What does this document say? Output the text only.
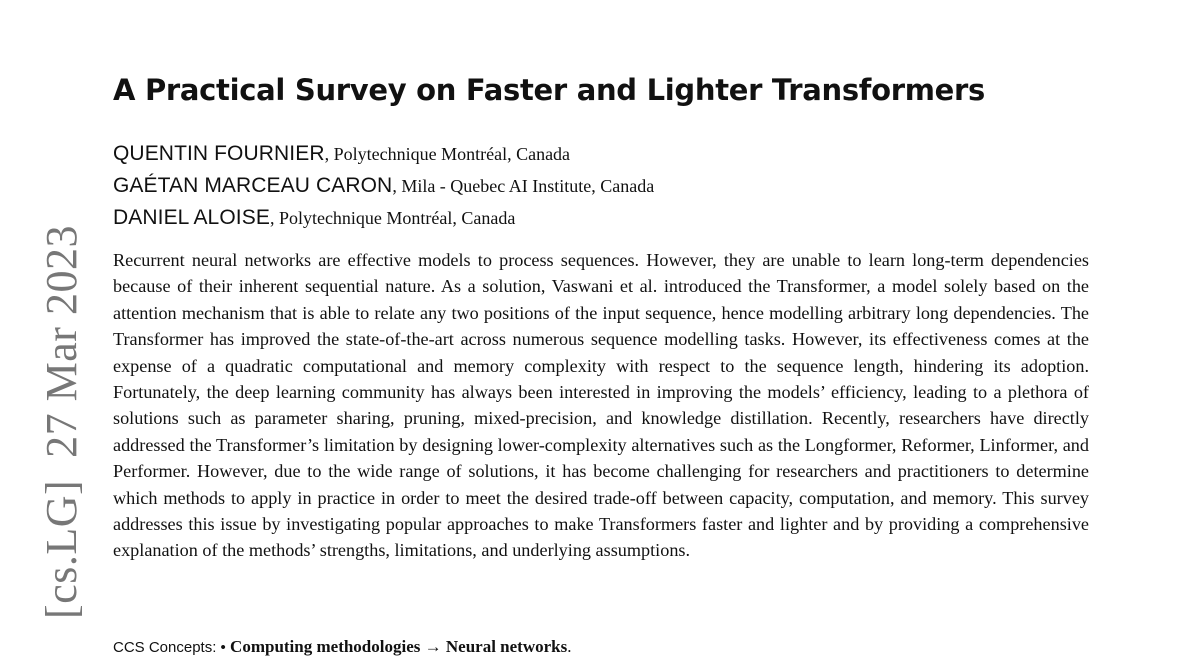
[cs.LG]27 Mar 2023
A Practical Survey on Faster and Lighter Transformers
QUENTIN FOURNIER, Polytechnique Montréal, Canada
GAÉTAN MARCEAU CARON, Mila - Quebec AI Institute, Canada
DANIEL ALOISE, Polytechnique Montréal, Canada

Recurrent neural networks are effective models to process sequences. However, they are unable to learn long-term dependencies because of their inherent sequential nature. As a solution, Vaswani et al. introduced the Transformer, a model solely based on the attention mechanism that is able to relate any two positions of the input sequence, hence modelling arbitrary long dependencies. The Transformer has improved the state-of-the-art across numerous sequence modelling tasks. However, its effectiveness comes at the expense of a quadratic computational and memory complexity with respect to the sequence length, hindering its adoption. Fortunately, the deep learning community has always been interested in improving the models’ efficiency, leading to a plethora of solutions such as parameter sharing, pruning, mixed-precision, and knowledge distillation. Recently, researchers have directly addressed the Transformer’s limitation by designing lower-complexity alternatives such as the Longformer, Reformer, Linformer, and Performer. However, due to the wide range of solutions, it has become challenging for researchers and practitioners to determine which methods to apply in practice in order to meet the desired trade-off between capacity, computation, and memory. This survey addresses this issue by investigating popular approaches to make Transformers faster and lighter and by providing a comprehensive explanation of the methods’ strengths, limitations, and underlying assumptions.

CCS Concepts: • Computing methodologies → Neural networks.
